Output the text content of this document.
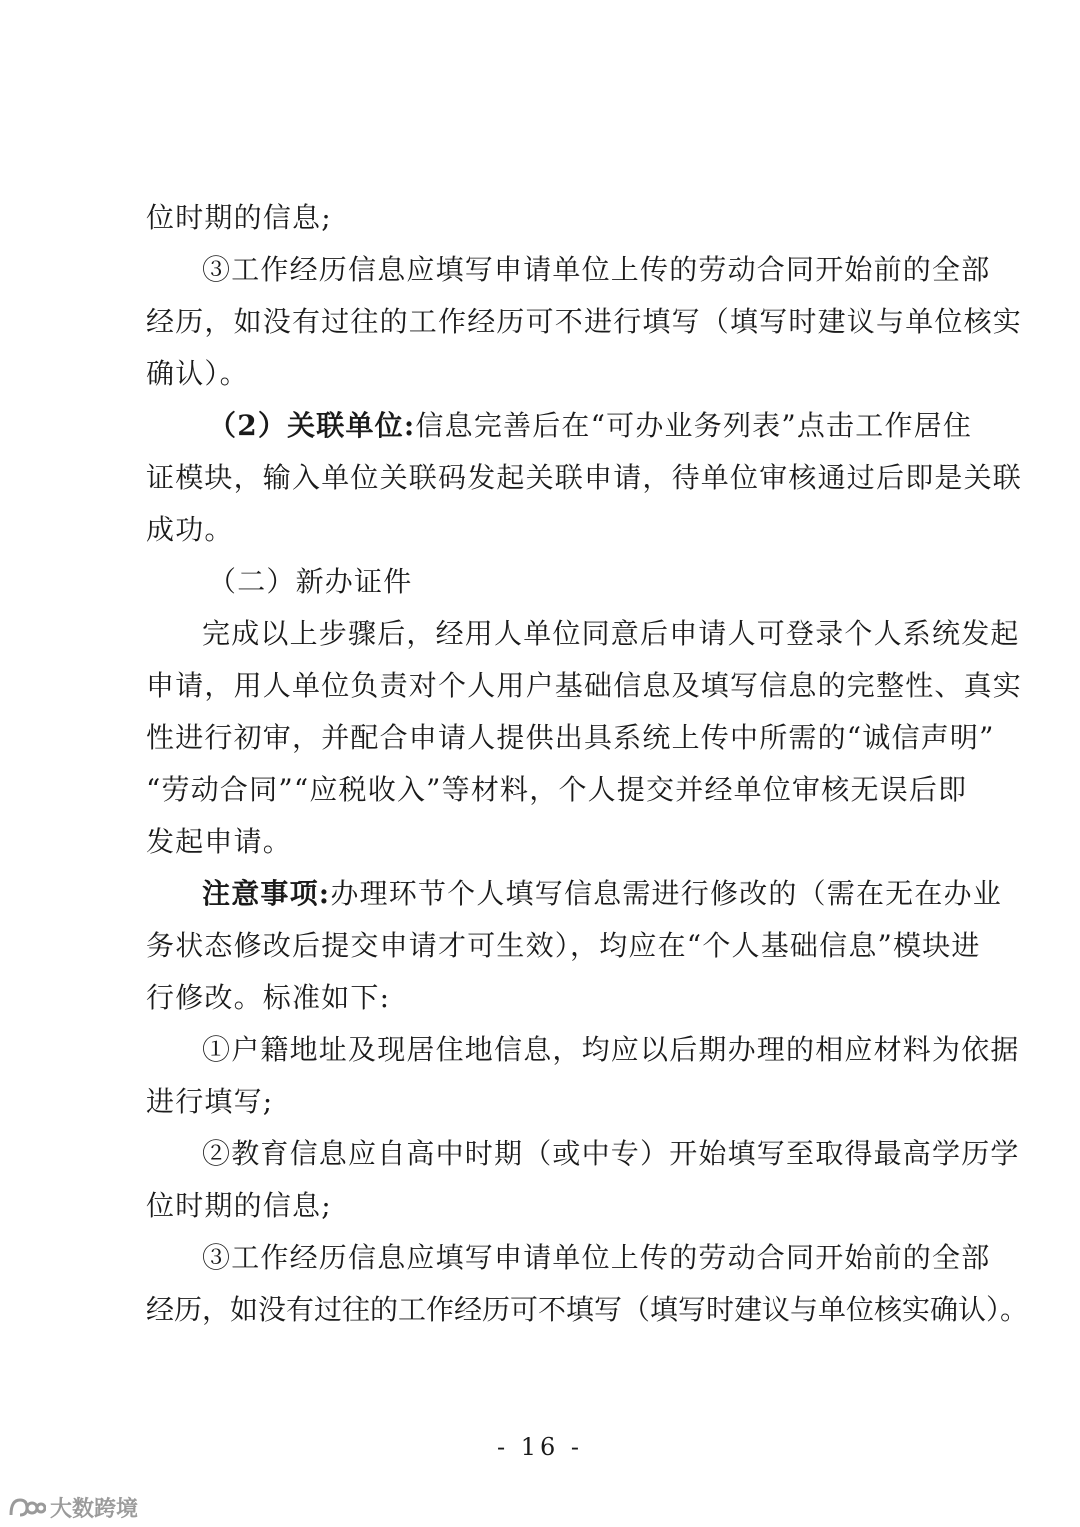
位时期的信息;
③工作经历信息应填写申请单位上传的劳动合同开始前的全部
经历，如没有过往的工作经历可不进行填写（填写时建议与单位核实
确认）。
（2）关联单位:信息完善后在“可办业务列表”点击工作居住
证模块，输入单位关联码发起关联申请，待单位审核通过后即是关联
成功。
（二）新办证件
完成以上步骤后，经用人单位同意后申请人可登录个人系统发起
申请，用人单位负责对个人用户基础信息及填写信息的完整性、真实
性进行初审，并配合申请人提供出具系统上传中所需的“诚信声明”
“劳动合同”“应税收入”等材料，个人提交并经单位审核无误后即
发起申请。
注意事项:办理环节个人填写信息需进行修改的（需在无在办业
务状态修改后提交申请才可生效），均应在“个人基础信息”模块进
行修改。标准如下:
①户籍地址及现居住地信息，均应以后期办理的相应材料为依据
进行填写;
②教育信息应自高中时期（或中专）开始填写至取得最高学历学
位时期的信息;
③工作经历信息应填写申请单位上传的劳动合同开始前的全部
经历，如没有过往的工作经历可不填写（填写时建议与单位核实确认）。
- 16 -
大数跨境
